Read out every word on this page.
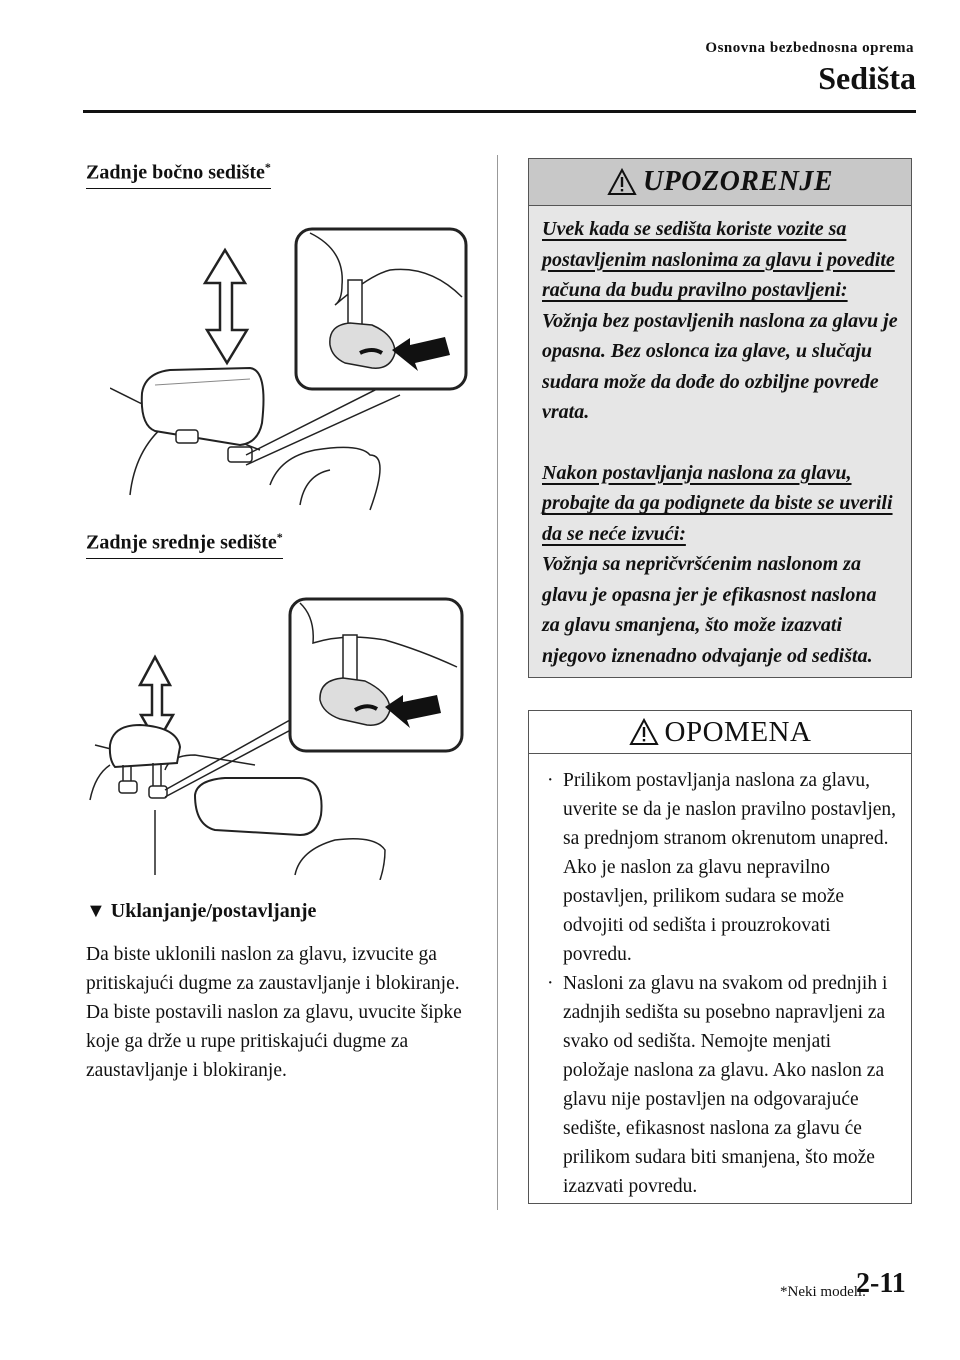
Osnovna bezbednosna oprema
Sedišta
Zadnje bočno sedište*
Zadnje srednje sedište*
▼ Uklanjanje/postavljanje

Da biste uklonili naslon za glavu, izvucite ga pritiskajući dugme za zaustavljanje i blokiranje.

Da biste postavili naslon za glavu, uvucite šipke koje ga drže u rupe pritiskajući dugme za zaustavljanje i blokiranje.

UPOZORENJE

Uvek kada se sedišta koriste vozite sa postavljenim naslonima za glavu i povedite računa da budu pravilno postavljeni:

Vožnja bez postavljenih naslona za glavu je opasna. Bez oslonca iza glave, u slučaju sudara može da dođe do ozbiljne povrede vrata.

Nakon postavljanja naslona za glavu, probajte da ga podignete da biste se uverili da se neće izvući:

Vožnja sa nepričvršćenim naslonom za glavu je opasna jer je efikasnost naslona za glavu smanjena, što može izazvati njegovo iznenadno odvajanje od sedišta.

OPOMENA
· Prilikom postavljanja naslona za glavu, uverite se da je naslon pravilno postavljen, sa prednjom stranom okrenutom unapred. Ako je naslon za glavu nepravilno postavljen, prilikom sudara se može odvojiti od sedišta i prouzrokovati povredu.
· Nasloni za glavu na svakom od prednjih i zadnjih sedišta su posebno napravljeni za svako od sedišta. Nemojte menjati položaje naslona za glavu. Ako naslon za glavu nije postavljen na odgovarajuće sedište, efikasnost naslona za glavu će prilikom sudara biti smanjena, što može izazvati povredu.
*Neki modeli.
2-11
